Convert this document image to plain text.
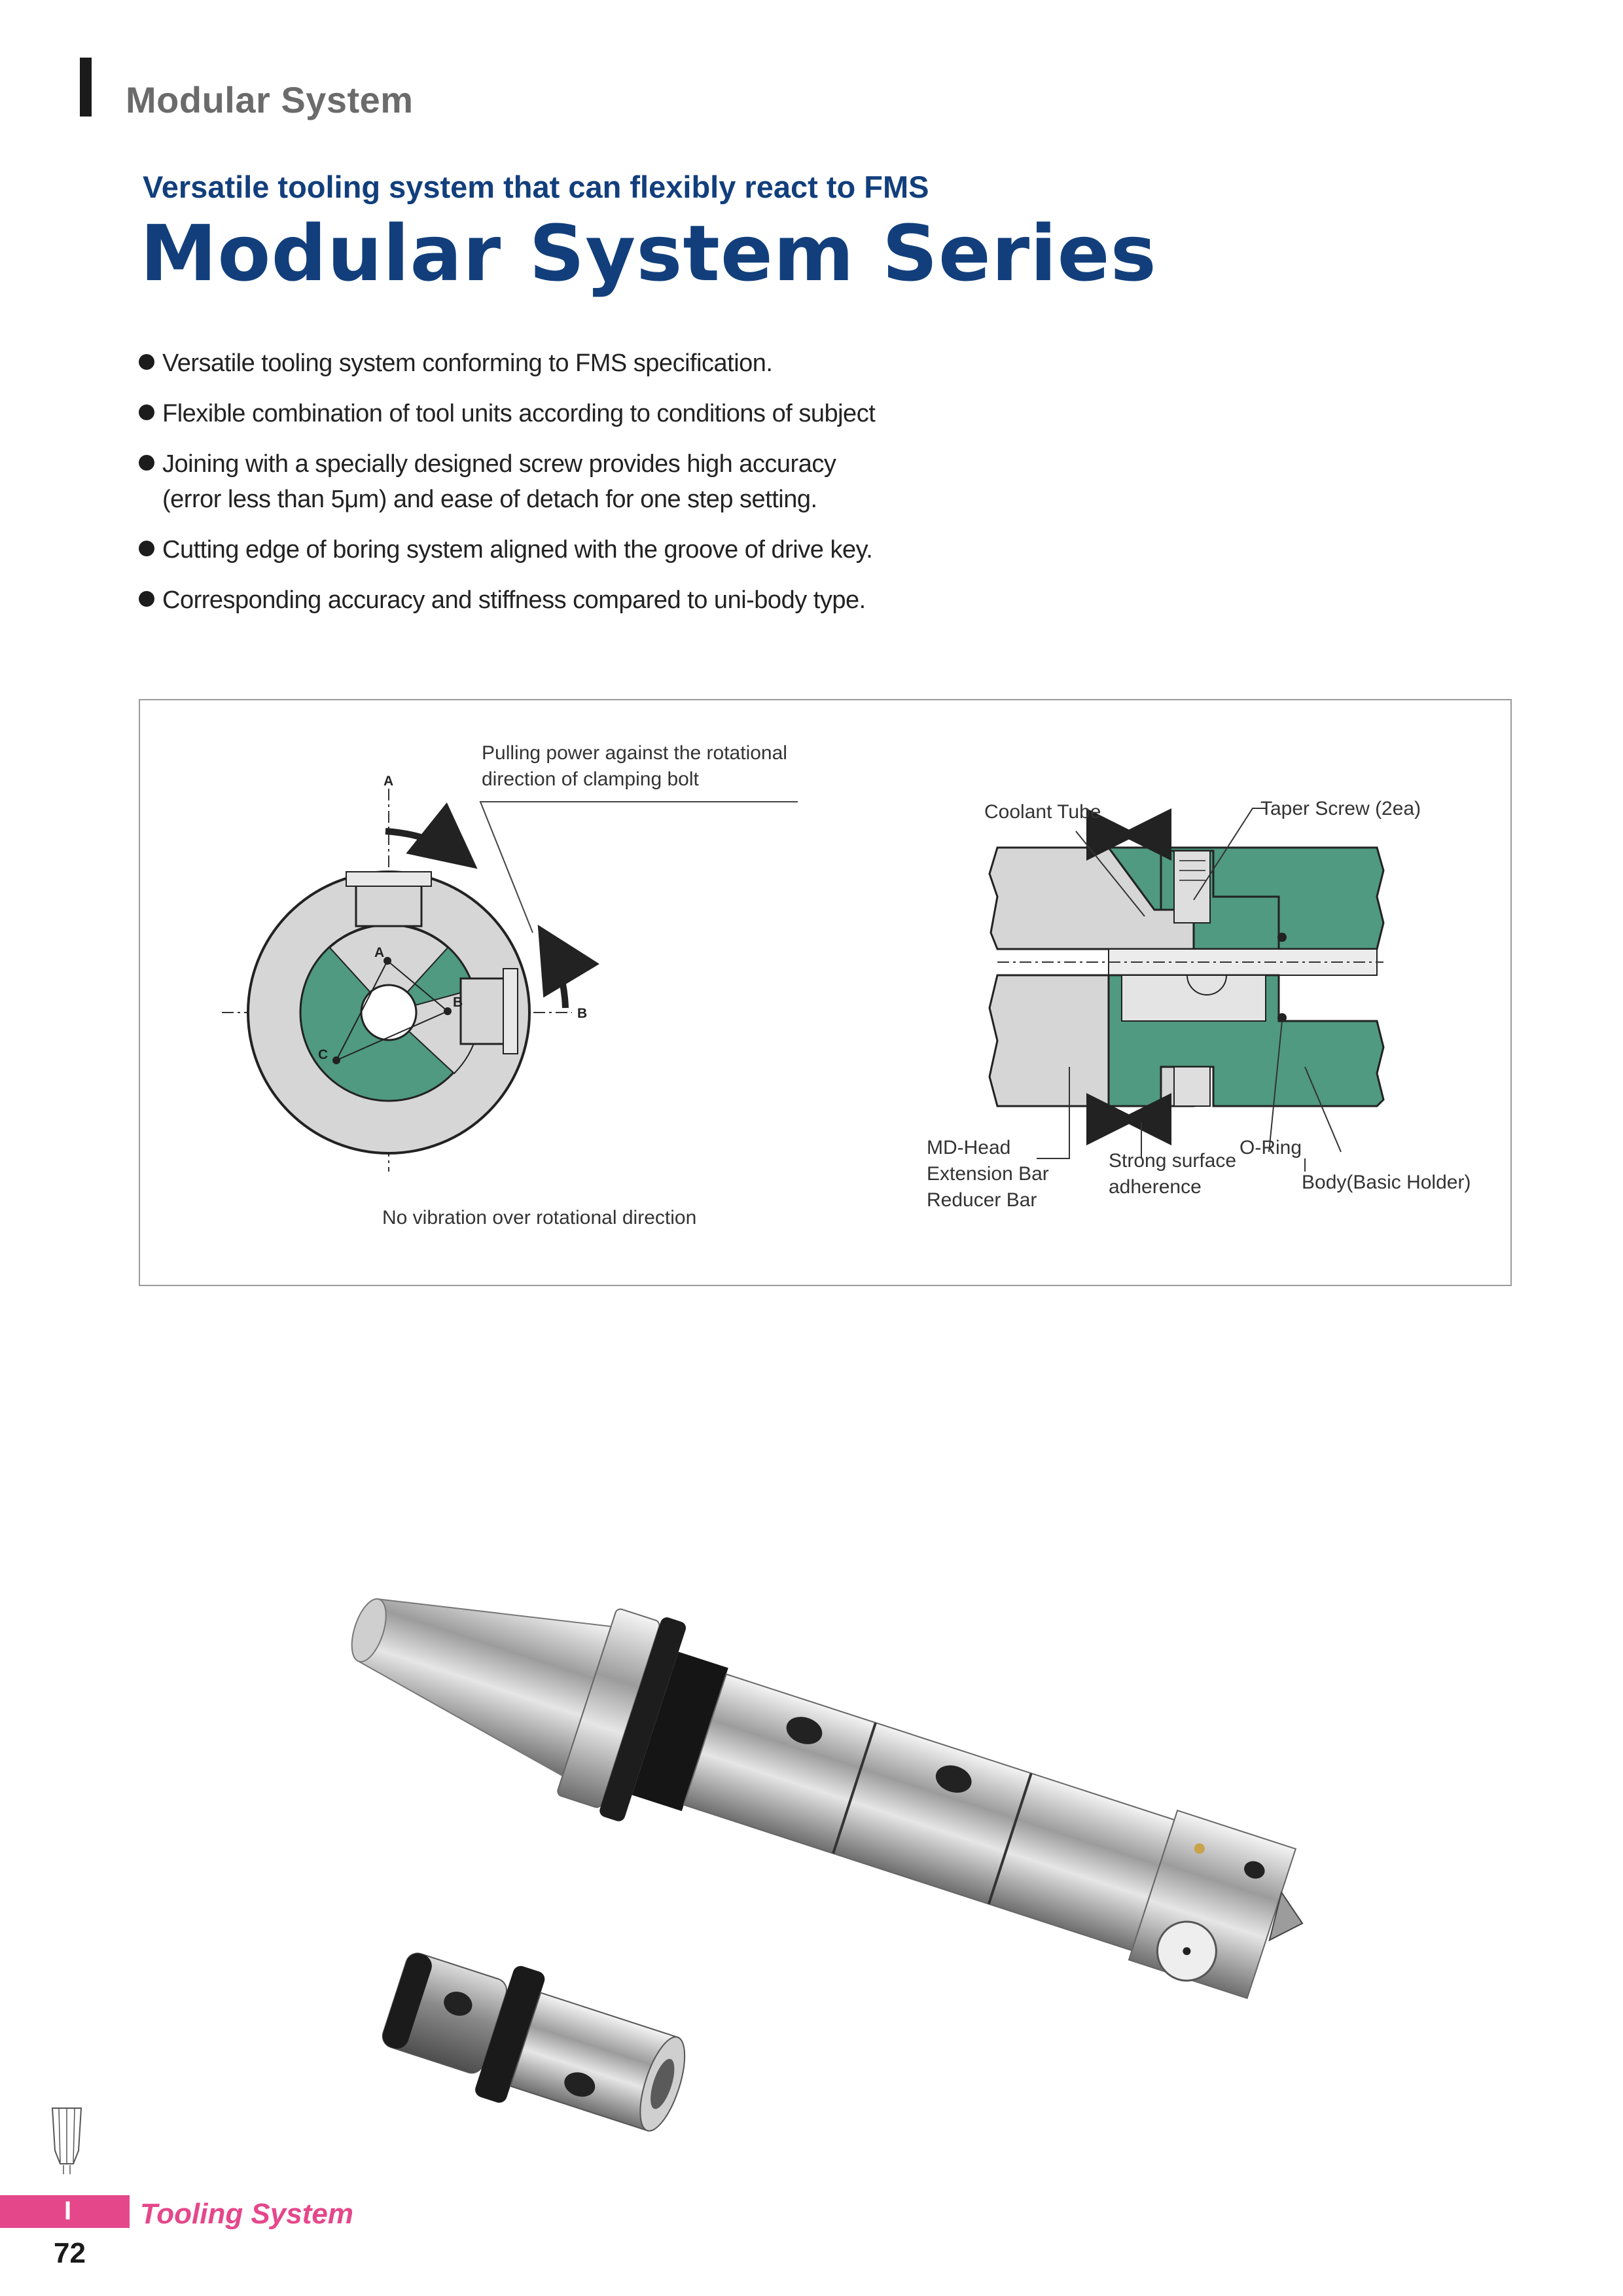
Modular System
Versatile tooling system that can flexibly react to FMS
Modular System Series
Versatile tooling system conforming to FMS specification.
Flexible combination of tool units according to conditions of subject
Joining with a specially designed screw provides high accuracy
(error less than 5μm) and ease of detach for one step setting.
Cutting edge of boring system aligned with the groove of drive key.
Corresponding accuracy and stiffness compared to uni-body type.
A
B
A
B
C
Pulling power against the rotational
direction of clamping bolt
No vibration over rotational direction
Coolant Tube	Taper Screw (2ea)
MD-Head
Extension Bar
Reducer Bar
Strong surface
adherence
O-Ring
Body(Basic Holder)
I Tooling System
72
